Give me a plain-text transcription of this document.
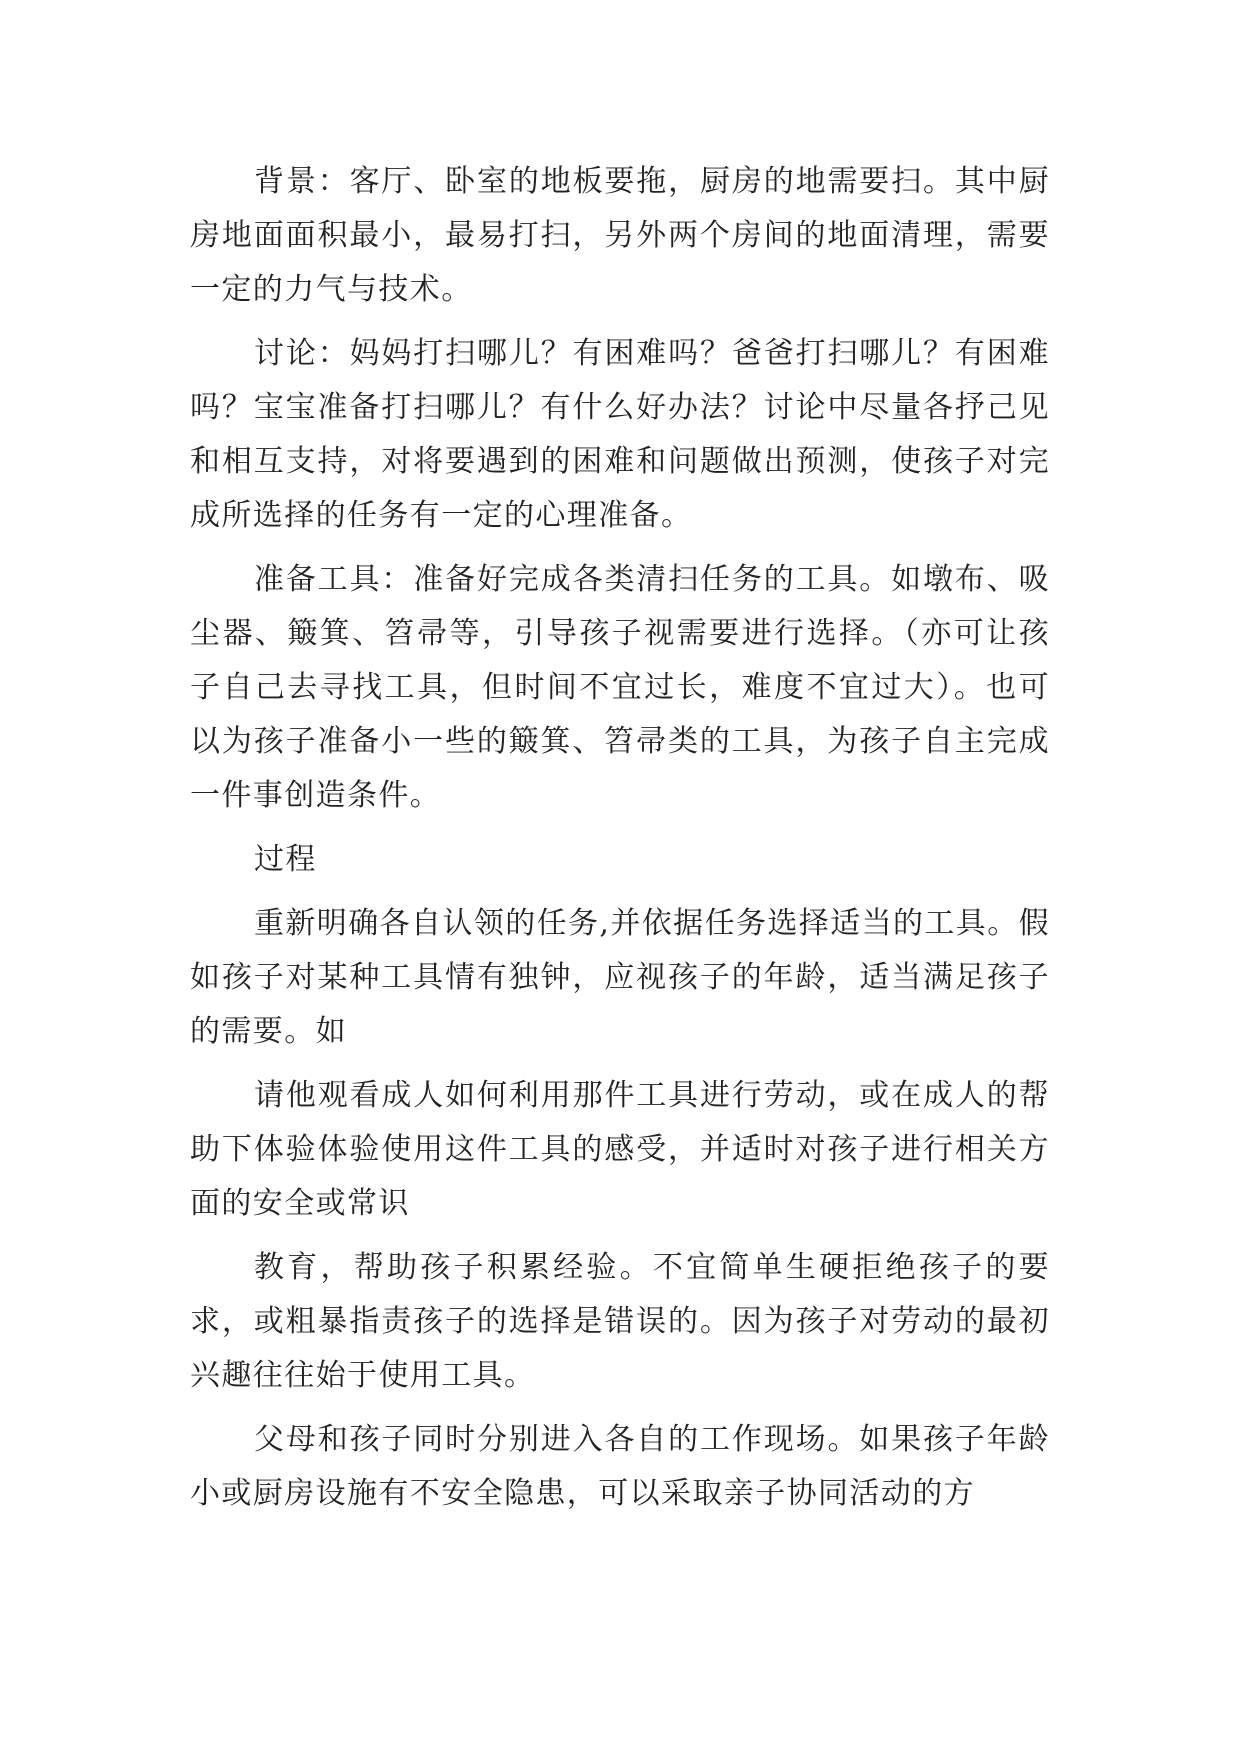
背景：客厅、卧室的地板要拖，厨房的地需要扫。其中厨房地面面积最小，最易打扫，另外两个房间的地面清理，需要一定的力气与技术。

讨论：妈妈打扫哪儿？有困难吗？爸爸打扫哪儿？有困难吗？宝宝准备打扫哪儿？有什么好办法？讨论中尽量各抒己见和相互支持，对将要遇到的困难和问题做出预测，使孩子对完成所选择的任务有一定的心理准备。

准备工具：准备好完成各类清扫任务的工具。如墩布、吸尘器、簸箕、笤帚等，引导孩子视需要进行选择。（亦可让孩子自己去寻找工具，但时间不宜过长，难度不宜过大）。也可以为孩子准备小一些的簸箕、笤帚类的工具，为孩子自主完成一件事创造条件。

过程

重新明确各自认领的任务,并依据任务选择适当的工具。假如孩子对某种工具情有独钟，应视孩子的年龄，适当满足孩子的需要。如

请他观看成人如何利用那件工具进行劳动，或在成人的帮助下体验体验使用这件工具的感受，并适时对孩子进行相关方面的安全或常识

教育，帮助孩子积累经验。不宜简单生硬拒绝孩子的要求，或粗暴指责孩子的选择是错误的。因为孩子对劳动的最初兴趣往往始于使用工具。

父母和孩子同时分别进入各自的工作现场。如果孩子年龄小或厨房设施有不安全隐患，可以采取亲子协同活动的方
